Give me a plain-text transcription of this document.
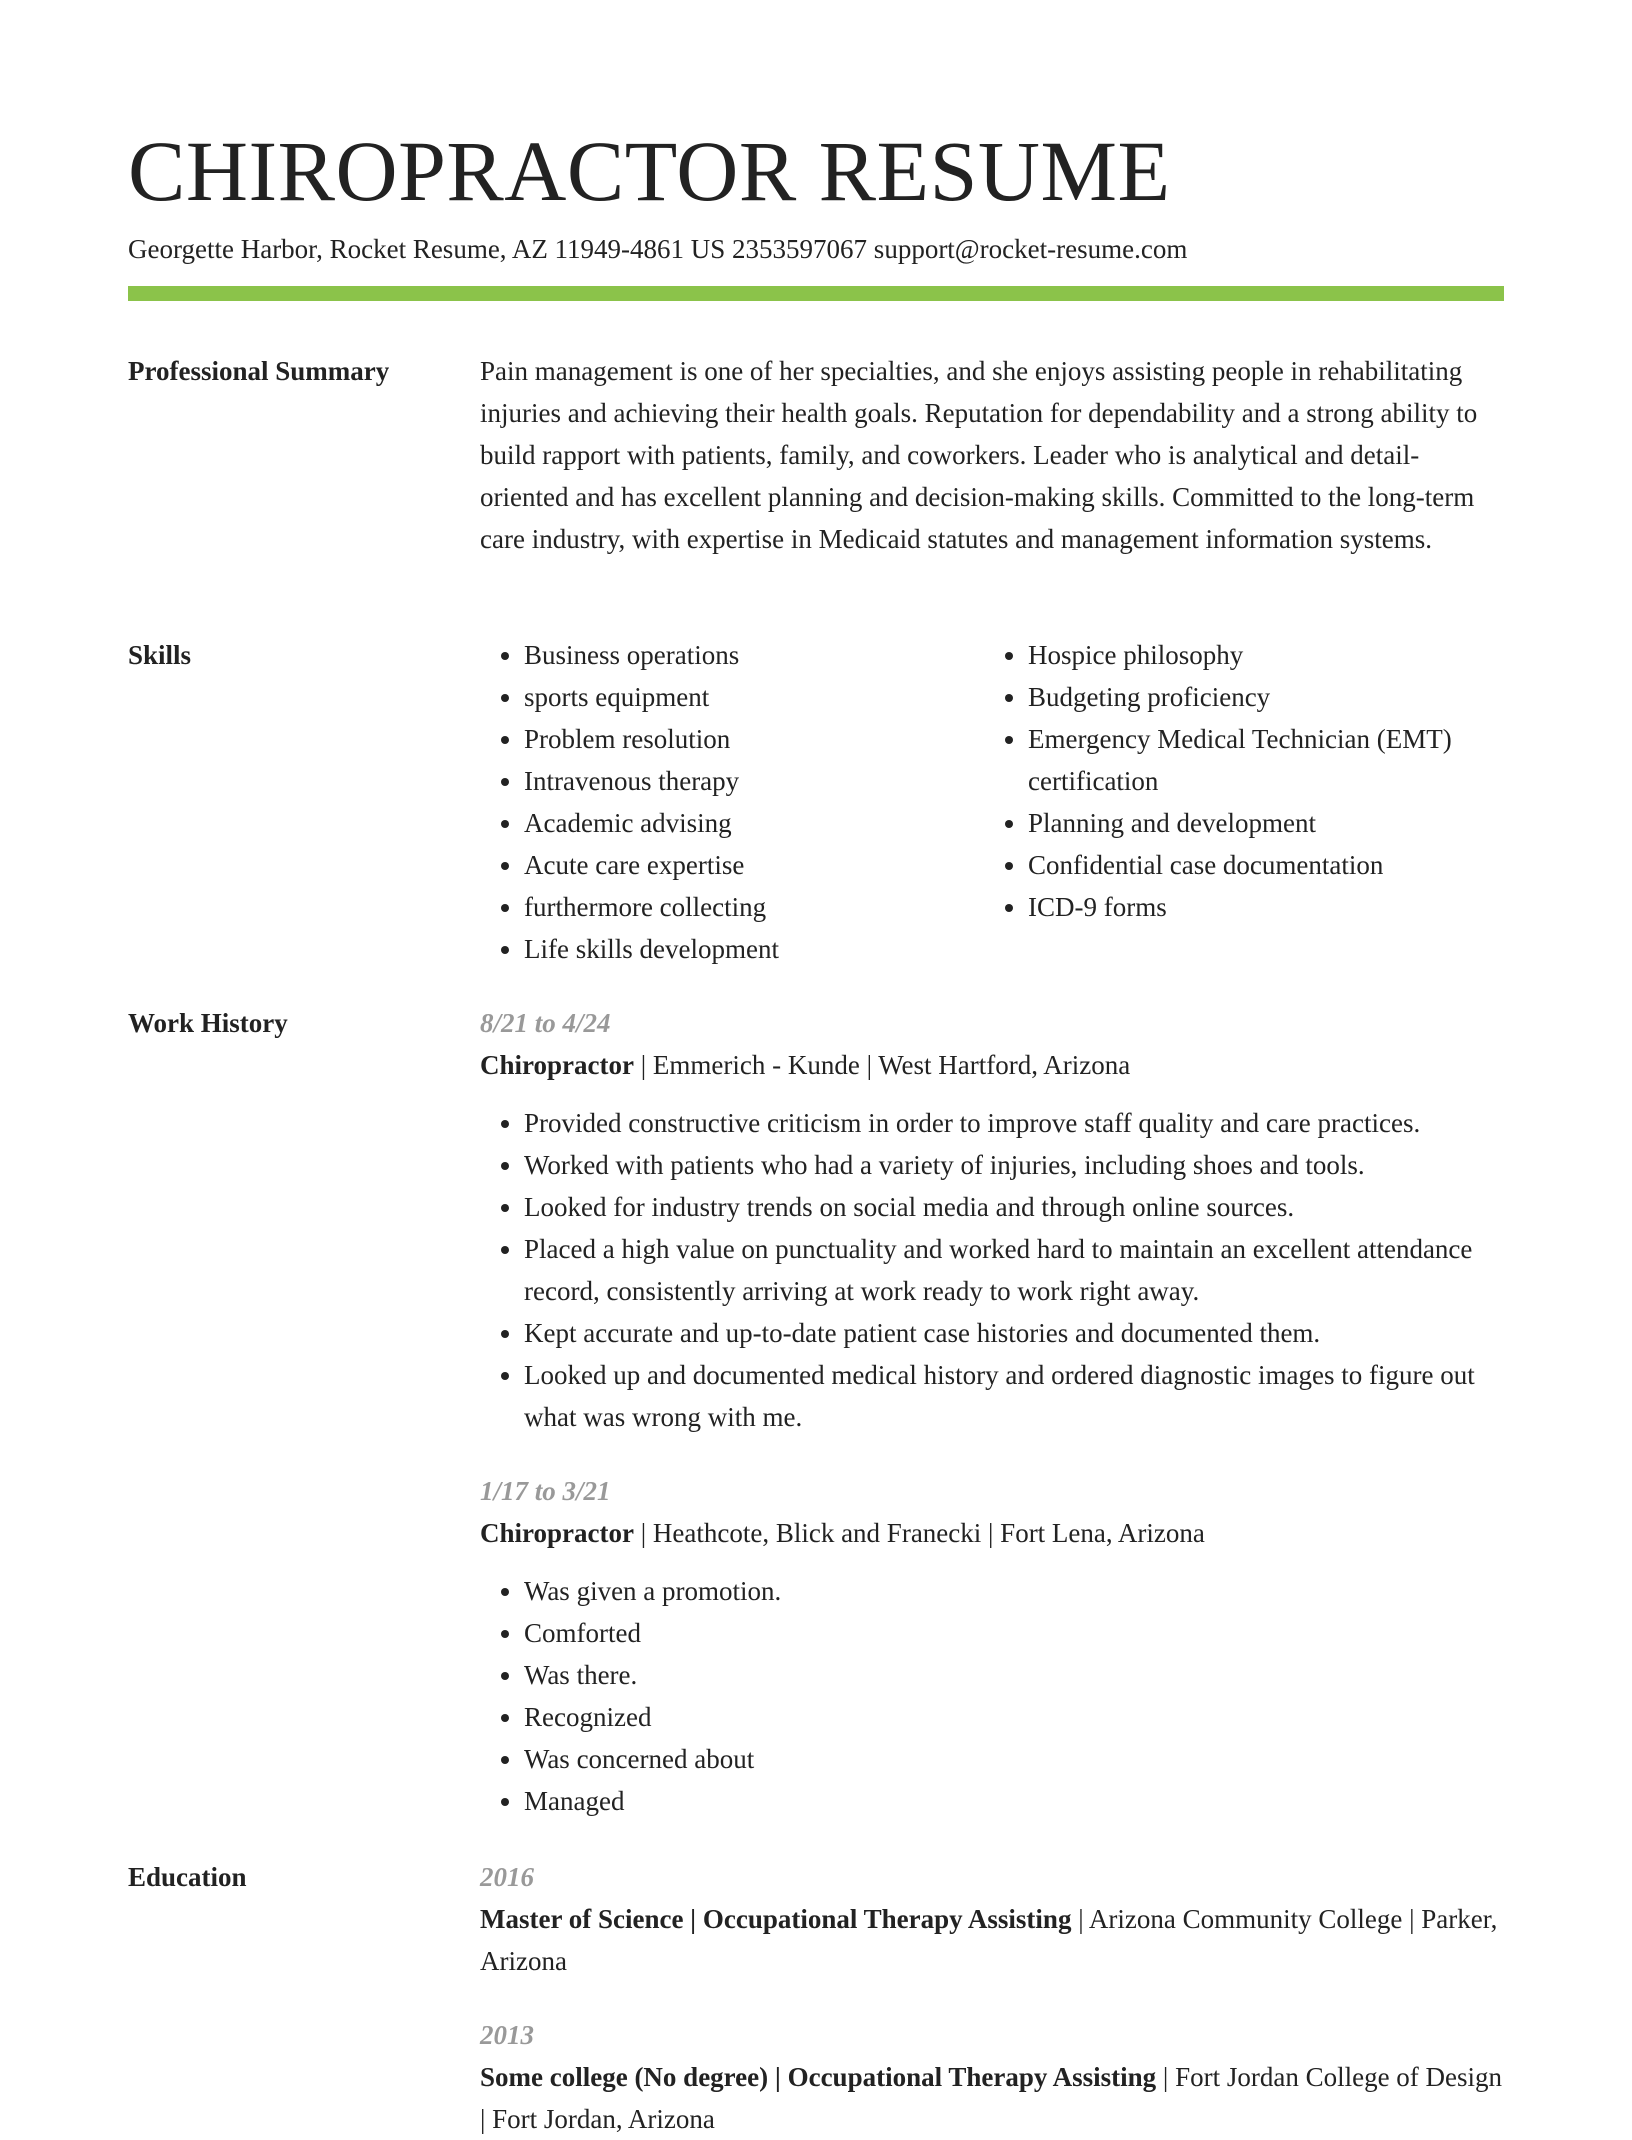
CHIROPRACTOR RESUME
Georgette Harbor, Rocket Resume, AZ 11949-4861 US 2353597067 support@rocket-resume.com
Professional Summary	Pain management is one of her specialties, and she enjoys assisting people in rehabilitating injuries and achieving their health goals. Reputation for dependability and a strong ability to build rapport with patients, family, and coworkers. Leader who is analytical and detail-oriented and has excellent planning and decision-making skills. Committed to the long-term care industry, with expertise in Medicaid statutes and management information systems.

Skills
•	Business operations
• sports equipment
• Problem resolution
• Intravenous therapy
• Academic advising
• Acute care expertise
• furthermore collecting
• Life skills development
• Hospice philosophy
• Budgeting proficiency
• Emergency Medical Technician (EMT) certification
• Planning and development
• Confidential case documentation
• ICD-9 forms
Work History	8/21 to 4/24
Chiropractor | Emmerich - Kunde | West Hartford, Arizona
• Provided constructive criticism in order to improve staff quality and care practices.
• Worked with patients who had a variety of injuries, including shoes and tools.
• Looked for industry trends on social media and through online sources.
• Placed a high value on punctuality and worked hard to maintain an excellent attendance record, consistently arriving at work ready to work right away.
• Kept accurate and up-to-date patient case histories and documented them.
• Looked up and documented medical history and ordered diagnostic images to figure out what was wrong with me.
1/17 to 3/21
Chiropractor | Heathcote, Blick and Franecki | Fort Lena, Arizona
• Was given a promotion.
• Comforted
• Was there.
• Recognized
• Was concerned about
• Managed
Education	2016
Master of Science | Occupational Therapy Assisting | Arizona Community College | Parker, Arizona
2013
Some college (No degree) | Occupational Therapy Assisting | Fort Jordan College of Design | Fort Jordan, Arizona
